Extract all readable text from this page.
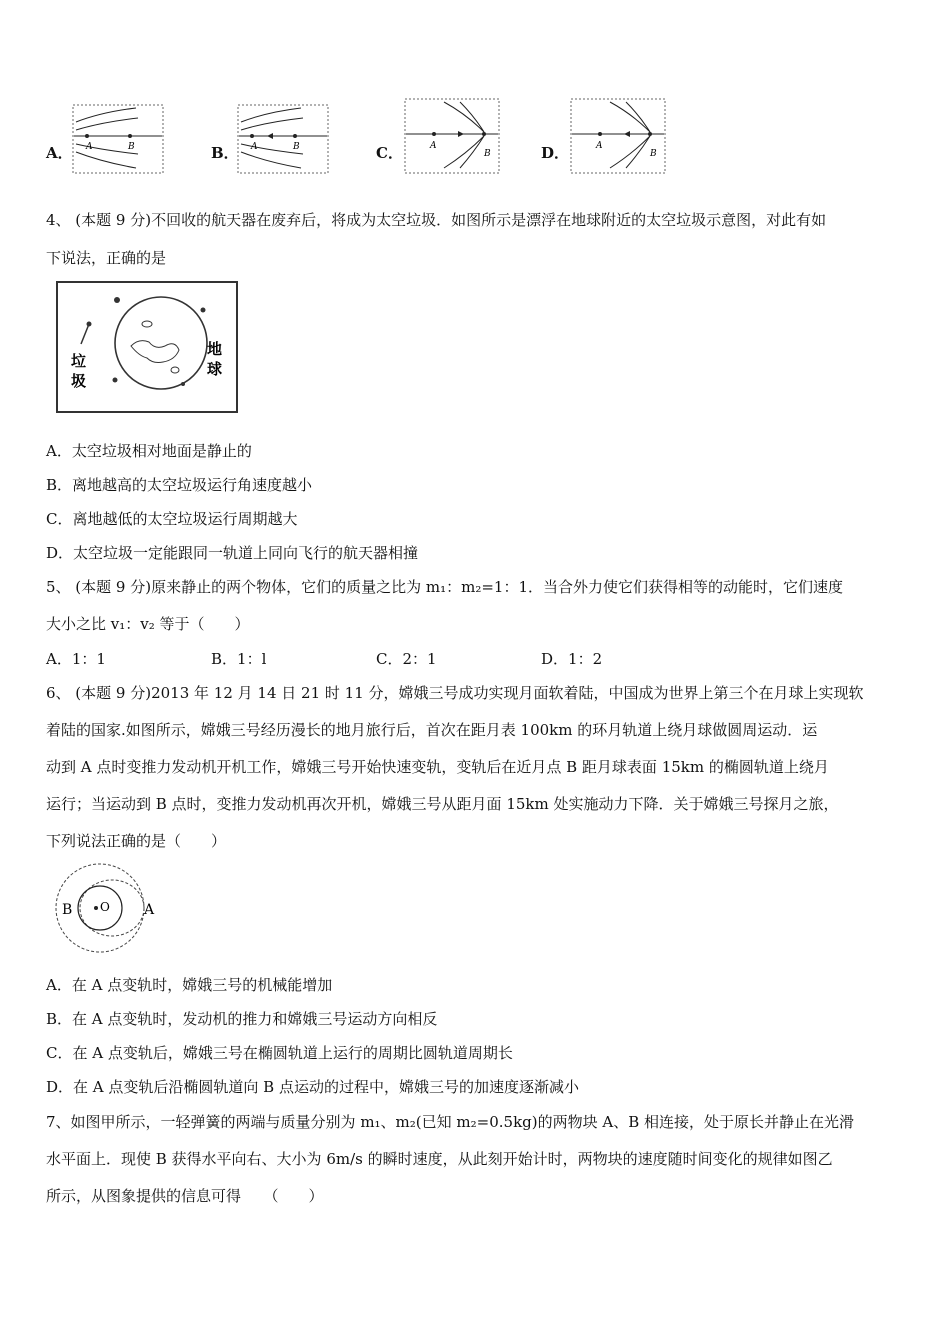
A． A	B	B． A	B	C．	A
B	D．	A
B
4、 (本题 9 分)不回收的航天器在废弃后，将成为太空垃圾．如图所示是漂浮在地球附近的太空垃圾示意图，对此有如
下说法，正确的是
垃
圾
地
球
A．太空垃圾相对地面是静止的
B．离地越高的太空垃圾运行角速度越小
C．离地越低的太空垃圾运行周期越大
D．太空垃圾一定能跟同一轨道上同向飞行的航天器相撞
5、 (本题 9 分)原来静止的两个物体，它们的质量之比为 m₁：m₂=1：1．当合外力使它们获得相等的动能时，它们速度
大小之比 v₁：v₂ 等于（　　）
A．1：1	B．1：l	C．2：1	D．1：2
6、 (本题 9 分)2013 年 12 月 14 日 21 时 11 分，嫦娥三号成功实现月面软着陆，中国成为世界上第三个在月球上实现软
着陆的国家.如图所示，嫦娥三号经历漫长的地月旅行后，首次在距月表 100km 的环月轨道上绕月球做圆周运动．运
动到 A 点时变推力发动机开机工作，嫦娥三号开始快速变轨，变轨后在近月点 B 距月球表面 15km 的椭圆轨道上绕月
运行；当运动到 B 点时，变推力发动机再次开机，嫦娥三号从距月面 15km 处实施动力下降．关于嫦娥三号探月之旅，
下列说法正确的是（　　）
B O A
A．在 A 点变轨时，嫦娥三号的机械能增加
B．在 A 点变轨时，发动机的推力和嫦娥三号运动方向相反
C．在 A 点变轨后，嫦娥三号在椭圆轨道上运行的周期比圆轨道周期长
D．在 A 点变轨后沿椭圆轨道向 B 点运动的过程中，嫦娥三号的加速度逐渐减小
7、如图甲所示，一轻弹簧的两端与质量分别为 m₁、m₂(已知 m₂=0.5kg)的两物块 A、B 相连接，处于原长并静止在光滑
水平面上．现使 B 获得水平向右、大小为 6m/s 的瞬时速度，从此刻开始计时，两物块的速度随时间变化的规律如图乙
所示，从图象提供的信息可得　　（　　）
